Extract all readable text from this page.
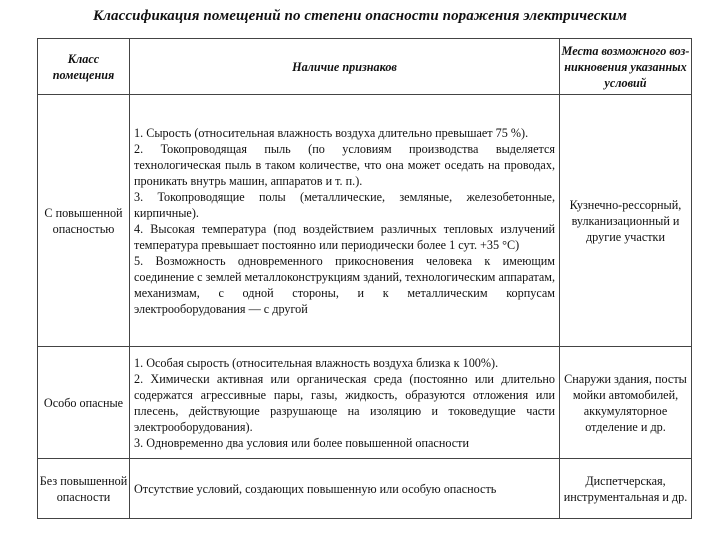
Классификация помещений по степени опасности поражения электрическим
Класс помещения	Наличие признаков	Места возможного воз-никновения указанных условий
С повышенной опасностью	1. Сырость (относительная влажность воздуха длительно превышает 75 %).
2. Токопроводящая пыль (по условиям производства выделяется технологическая пыль в таком количестве, что она может оседать на проводах, проникать внутрь машин, аппаратов и т. п.).
3. Токопроводящие полы (металлические, земляные, железобетонные, кирпичные).
4. Высокая температура (под воздействием различных тепловых излучений температура превышает постоянно или периодически более 1 сут. +35 °С)
5. Возможность одновременного прикосновения человека к имеющим соединение с землей металлоконструкциям зданий, технологическим аппаратам, механизмам, с одной стороны, и к металлическим корпусам электрооборудования — с другой	Кузнечно-рессорный, вулканизационный и другие участки
Особо опасные	1. Особая сырость (относительная влажность воздуха близка к 100%).
2. Химически активная или органическая среда (постоянно или длительно содержатся агрессивные пары, газы, жидкость, образуются отложения или плесень, действующие разрушающе на изоляцию и токоведущие части электрооборудования).
3. Одновременно два условия или более повышенной опасности	Снаружи здания, посты мойки автомобилей, аккумуляторное отделение и др.
Без повышенной опасности	Отсутствие условий, создающих повышенную или особую опасность	Диспетчерская, инструментальная и др.
